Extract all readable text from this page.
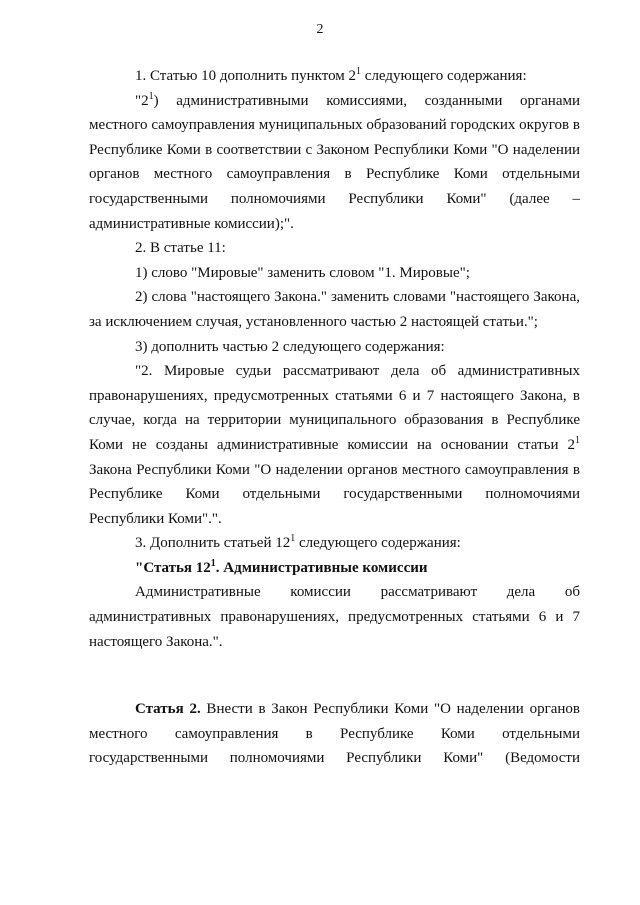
2

1. Статью 10 дополнить пунктом $2^1$ следующего содержания:

"$2^1$) административными комиссиями, созданными органами местного самоуправления муниципальных образований городских округов в Республике Коми в соответствии с Законом Республики Коми "О наделении органов местного самоуправления в Республике Коми отдельными государственными полномочиями Республики Коми" (далее – административные комиссии);".

2. В статье 11:

1) слово "Мировые" заменить словом "1. Мировые";

2) слова "настоящего Закона." заменить словами "настоящего Закона, за исключением случая, установленного частью 2 настоящей статьи.";

3) дополнить частью 2 следующего содержания:

"2. Мировые судьи рассматривают дела об административных правонарушениях, предусмотренных статьями 6 и 7 настоящего Закона, в случае, когда на территории муниципального образования в Республике Коми не созданы административные комиссии на основании статьи $2^1$ Закона Республики Коми "О наделении органов местного самоуправления в Республике Коми отдельными государственными полномочиями Республики Коми".".

3. Дополнить статьей $12^1$ следующего содержания:

"Статья $12^1$. Административные комиссии

Административные комиссии рассматривают дела об административных правонарушениях, предусмотренных статьями 6 и 7 настоящего Закона.".

Статья 2. Внести в Закон Республики Коми "О наделении органов местного самоуправления в Республике Коми отдельными государственными полномочиями Республики Коми" (Ведомости
